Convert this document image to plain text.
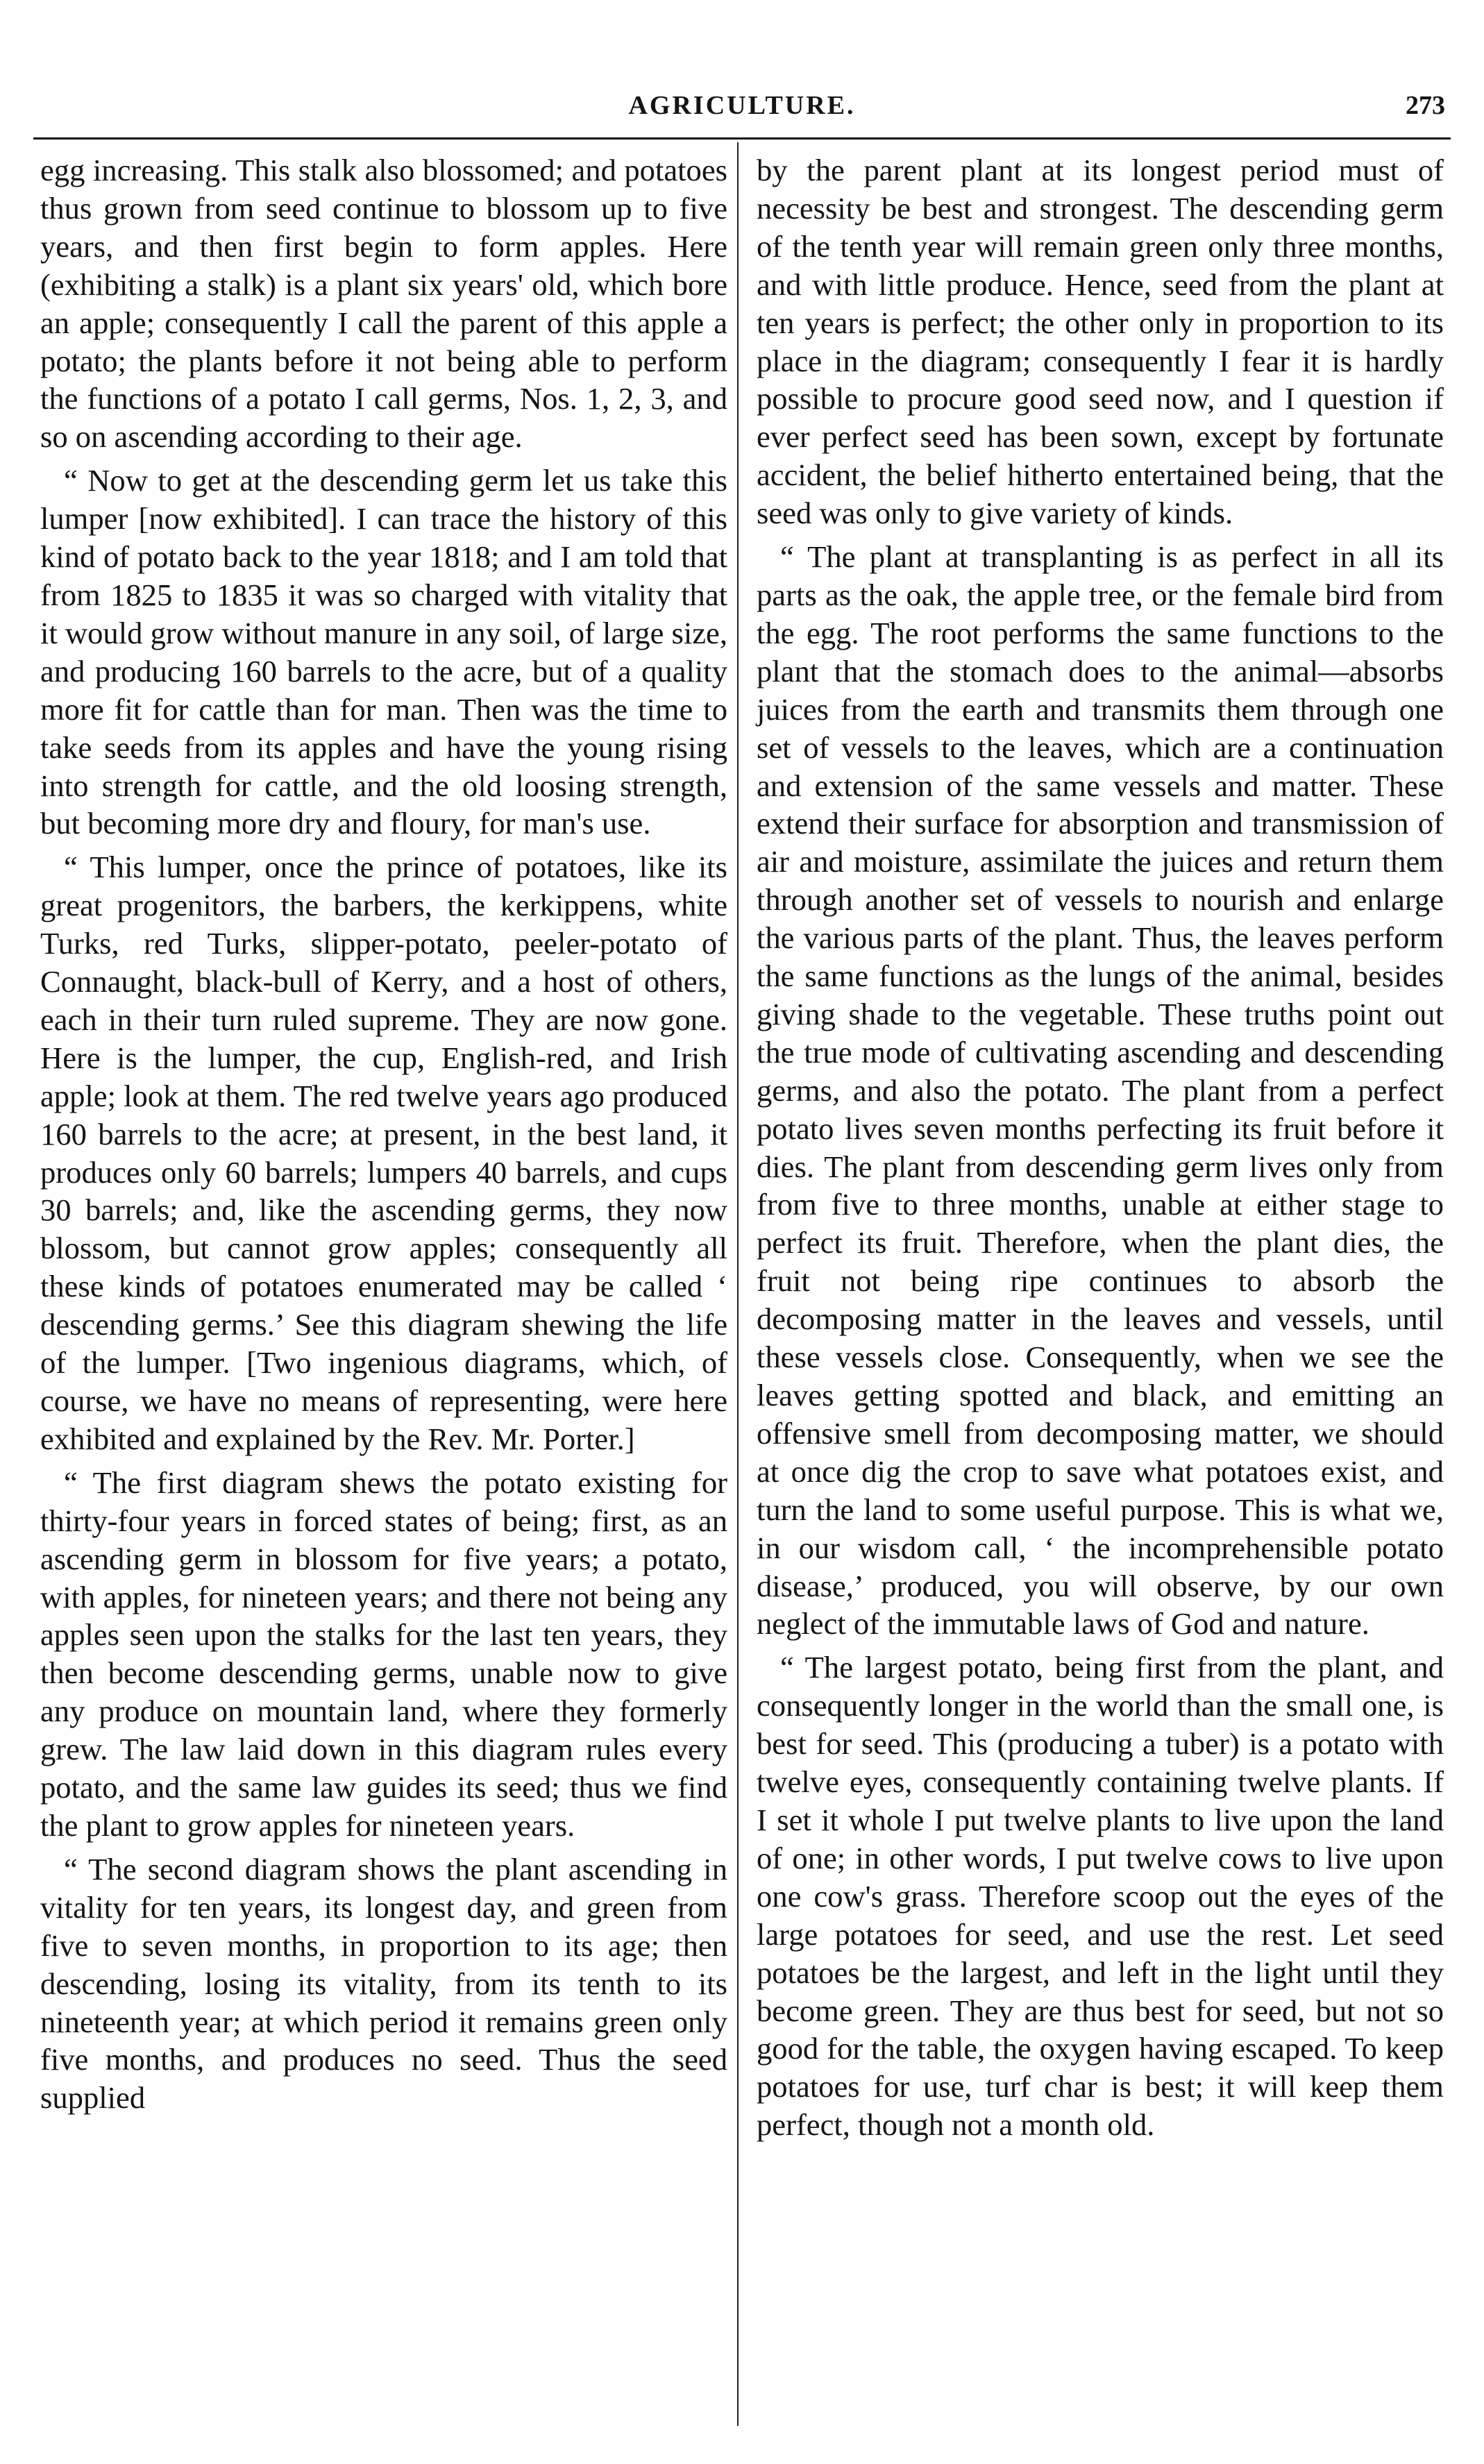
AGRICULTURE.	273

egg increasing. This stalk also blossomed; and potatoes thus grown from seed continue to blossom up to five years, and then first begin to form apples. Here (exhibiting a stalk) is a plant six years' old, which bore an apple; consequently I call the parent of this apple a potato; the plants before it not being able to perform the functions of a potato I call germs, Nos. 1, 2, 3, and so on ascending according to their age.

“ Now to get at the descending germ let us take this lumper [now exhibited]. I can trace the history of this kind of potato back to the year 1818; and I am told that from 1825 to 1835 it was so charged with vitality that it would grow without manure in any soil, of large size, and producing 160 barrels to the acre, but of a quality more fit for cattle than for man. Then was the time to take seeds from its apples and have the young rising into strength for cattle, and the old loosing strength, but becoming more dry and floury, for man's use.

“ This lumper, once the prince of potatoes, like its great progenitors, the barbers, the kerkippens, white Turks, red Turks, slipper-potato, peeler-potato of Connaught, black-bull of Kerry, and a host of others, each in their turn ruled supreme. They are now gone. Here is the lumper, the cup, English-red, and Irish apple; look at them. The red twelve years ago produced 160 barrels to the acre; at present, in the best land, it produces only 60 barrels; lumpers 40 barrels, and cups 30 barrels; and, like the ascending germs, they now blossom, but cannot grow apples; consequently all these kinds of potatoes enumerated may be called ‘ descending germs.’ See this diagram shewing the life of the lumper. [Two ingenious diagrams, which, of course, we have no means of representing, were here exhibited and explained by the Rev. Mr. Porter.]

“ The first diagram shews the potato existing for thirty-four years in forced states of being; first, as an ascending germ in blossom for five years; a potato, with apples, for nineteen years; and there not being any apples seen upon the stalks for the last ten years, they then become descending germs, unable now to give any produce on mountain land, where they formerly grew. The law laid down in this diagram rules every potato, and the same law guides its seed; thus we find the plant to grow apples for nineteen years.

“ The second diagram shows the plant ascending in vitality for ten years, its longest day, and green from five to seven months, in proportion to its age; then descending, losing its vitality, from its tenth to its nineteenth year; at which period it remains green only five months, and produces no seed. Thus the seed supplied

by the parent plant at its longest period must of necessity be best and strongest. The descending germ of the tenth year will remain green only three months, and with little produce. Hence, seed from the plant at ten years is perfect; the other only in proportion to its place in the diagram; consequently I fear it is hardly possible to procure good seed now, and I question if ever perfect seed has been sown, except by fortunate accident, the belief hitherto entertained being, that the seed was only to give variety of kinds.

“ The plant at transplanting is as perfect in all its parts as the oak, the apple tree, or the female bird from the egg. The root performs the same functions to the plant that the stomach does to the animal—absorbs juices from the earth and transmits them through one set of vessels to the leaves, which are a continuation and extension of the same vessels and matter. These extend their surface for absorption and transmission of air and moisture, assimilate the juices and return them through another set of vessels to nourish and enlarge the various parts of the plant. Thus, the leaves perform the same functions as the lungs of the animal, besides giving shade to the vegetable. These truths point out the true mode of cultivating ascending and descending germs, and also the potato. The plant from a perfect potato lives seven months perfecting its fruit before it dies. The plant from descending germ lives only from from five to three months, unable at either stage to perfect its fruit. Therefore, when the plant dies, the fruit not being ripe continues to absorb the decomposing matter in the leaves and vessels, until these vessels close. Consequently, when we see the leaves getting spotted and black, and emitting an offensive smell from decomposing matter, we should at once dig the crop to save what potatoes exist, and turn the land to some useful purpose. This is what we, in our wisdom call, ‘ the incomprehensible potato disease,’ produced, you will observe, by our own neglect of the immutable laws of God and nature.

“ The largest potato, being first from the plant, and consequently longer in the world than the small one, is best for seed. This (producing a tuber) is a potato with twelve eyes, consequently containing twelve plants. If I set it whole I put twelve plants to live upon the land of one; in other words, I put twelve cows to live upon one cow's grass. Therefore scoop out the eyes of the large potatoes for seed, and use the rest. Let seed potatoes be the largest, and left in the light until they become green. They are thus best for seed, but not so good for the table, the oxygen having escaped. To keep potatoes for use, turf char is best; it will keep them perfect, though not a month old.
